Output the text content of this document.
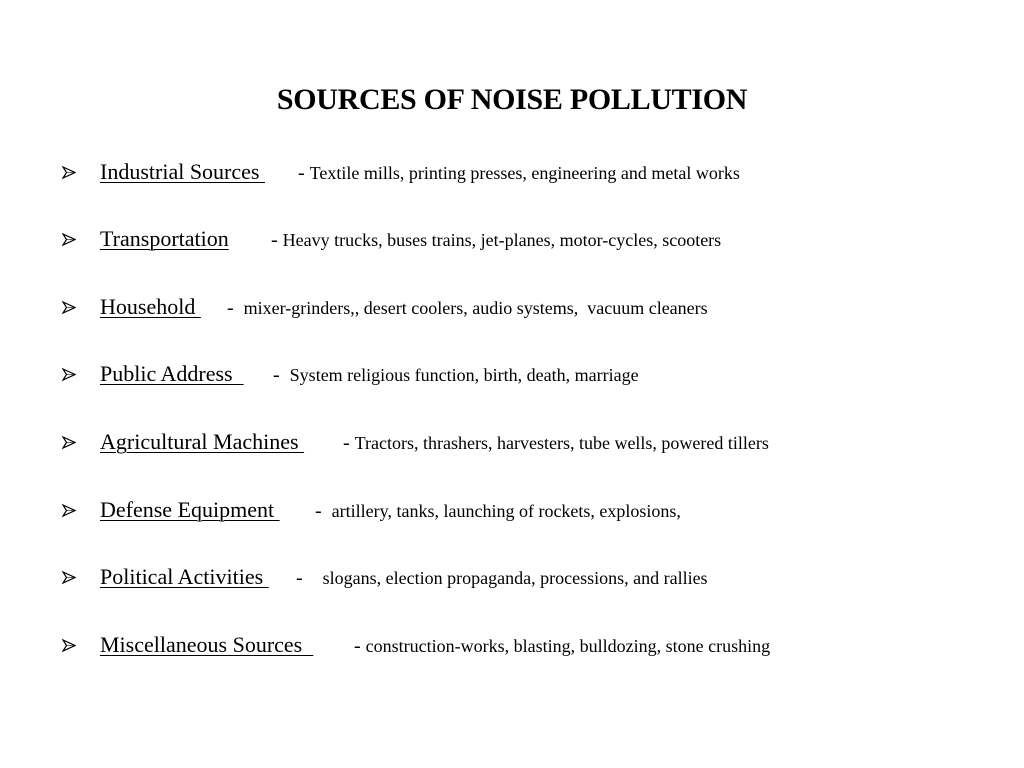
SOURCES OF NOISE POLLUTION
Industrial Sources - Textile mills, printing presses, engineering and metal works
Transportation - Heavy trucks, buses trains, jet-planes, motor-cycles, scooters
Household -  mixer-grinders,, desert coolers, audio systems,  vacuum cleaners
Public Address -  System religious function, birth, death, marriage
Agricultural Machines - Tractors, thrashers, harvesters, tube wells, powered tillers
Defense Equipment -  artillery, tanks, launching of rockets, explosions,
Political Activities -    slogans, election propaganda, processions, and rallies
Miscellaneous Sources - construction-works, blasting, bulldozing, stone crushing
